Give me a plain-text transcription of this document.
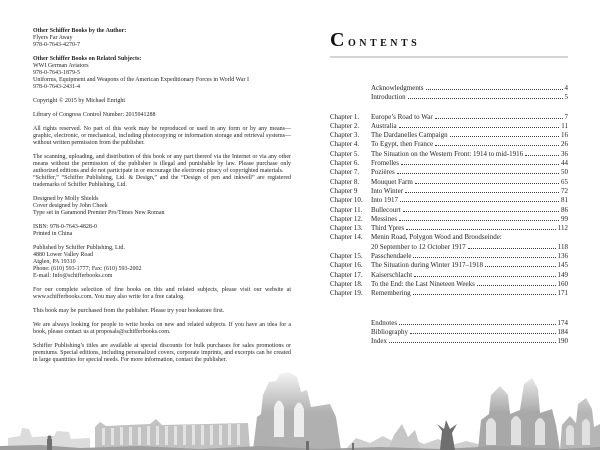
Other Schiffer Books by the Author:
Flyers Far Away
978-0-7643-4270-7
Other Schiffer Books on Related Subjects:
WWI German Aviators
978-0-7643-1879-5
Uniforms, Equipment and Weapons of the American Expeditionary Forces in World War I
978-0-7643-2431-4
Copyright © 2015 by Michael Enright
Library of Congress Control Number: 2015941288
All rights reserved. No part of this work may be reproduced or used in any form or by any means—graphic, electronic, or mechanical, including photocopying or information storage and retrieval systems—without written permission from the publisher.
The scanning, uploading, and distribution of this book or any part thereof via the Internet or via any other means without the permission of the publisher is illegal and punishable by law. Please purchase only authorized editions and do not participate in or encourage the electronic piracy of copyrighted materials.
“Schiffer,” “Schiffer Publishing, Ltd. & Design,” and the “Design of pen and inkwell” are registered trademarks of Schiffer Publishing, Ltd.
Designed by Molly Shields
Cover designed by John Cheek
Type set in Garamond Premier Pro/Times New Roman
ISBN: 978-0-7643-4828-0
Printed in China
Published by Schiffer Publishing, Ltd.
4880 Lower Valley Road
Atglen, PA 19310
Phone: (610) 593-1777; Fax: (610) 593-2002
E-mail: Info@schifferbooks.com
For our complete selection of fine books on this and related subjects, please visit our website at www.schifferbooks.com. You may also write for a free catalog.
This book may be purchased from the publisher. Please try your bookstore first.
We are always looking for people to write books on new and related subjects. If you have an idea for a book, please contact us at proposals@schifferbooks.com.
Schiffer Publishing’s titles are available at special discounts for bulk purchases for sales promotions or premiums. Special editions, including personalized covers, corporate imprints, and excerpts can be created in large quantities for special needs. For more information, contact the publisher.
Contents
Acknowledgments	4
Introduction	5
Chapter 1.	Europe’s Road to War	7
Chapter 2.	Australia	11
Chapter 3.	The Dardanelles Campaign	16
Chapter 4.	To Egypt, then France	26
Chapter 5.	The Situation on the Western Front: 1914 to mid-1916	36
Chapter 6.	Fromelles	44
Chapter 7.	Pozières	50
Chapter 8.	Mouquet Farm	65
Chapter 9	Into Winter	72
Chapter 10.	Into 1917	81
Chapter 11.	Bullecourt	86
Chapter 12.	Messines	99
Chapter 13.	Third Ypres	112
Chapter 14.	Menin Road, Polygon Wood and Broodseinde:
20 September to 12 October 1917	118
Chapter 15.	Passchendaele	136
Chapter 16.	The Situation during Winter 1917–1918	145
Chapter 17.	Kaiserschlacht	149
Chapter 18.	To the End: the Last Nineteen Weeks	160
Chapter 19.	Remembering	171
Endnotes	174
Bibliography	184
Index	190
